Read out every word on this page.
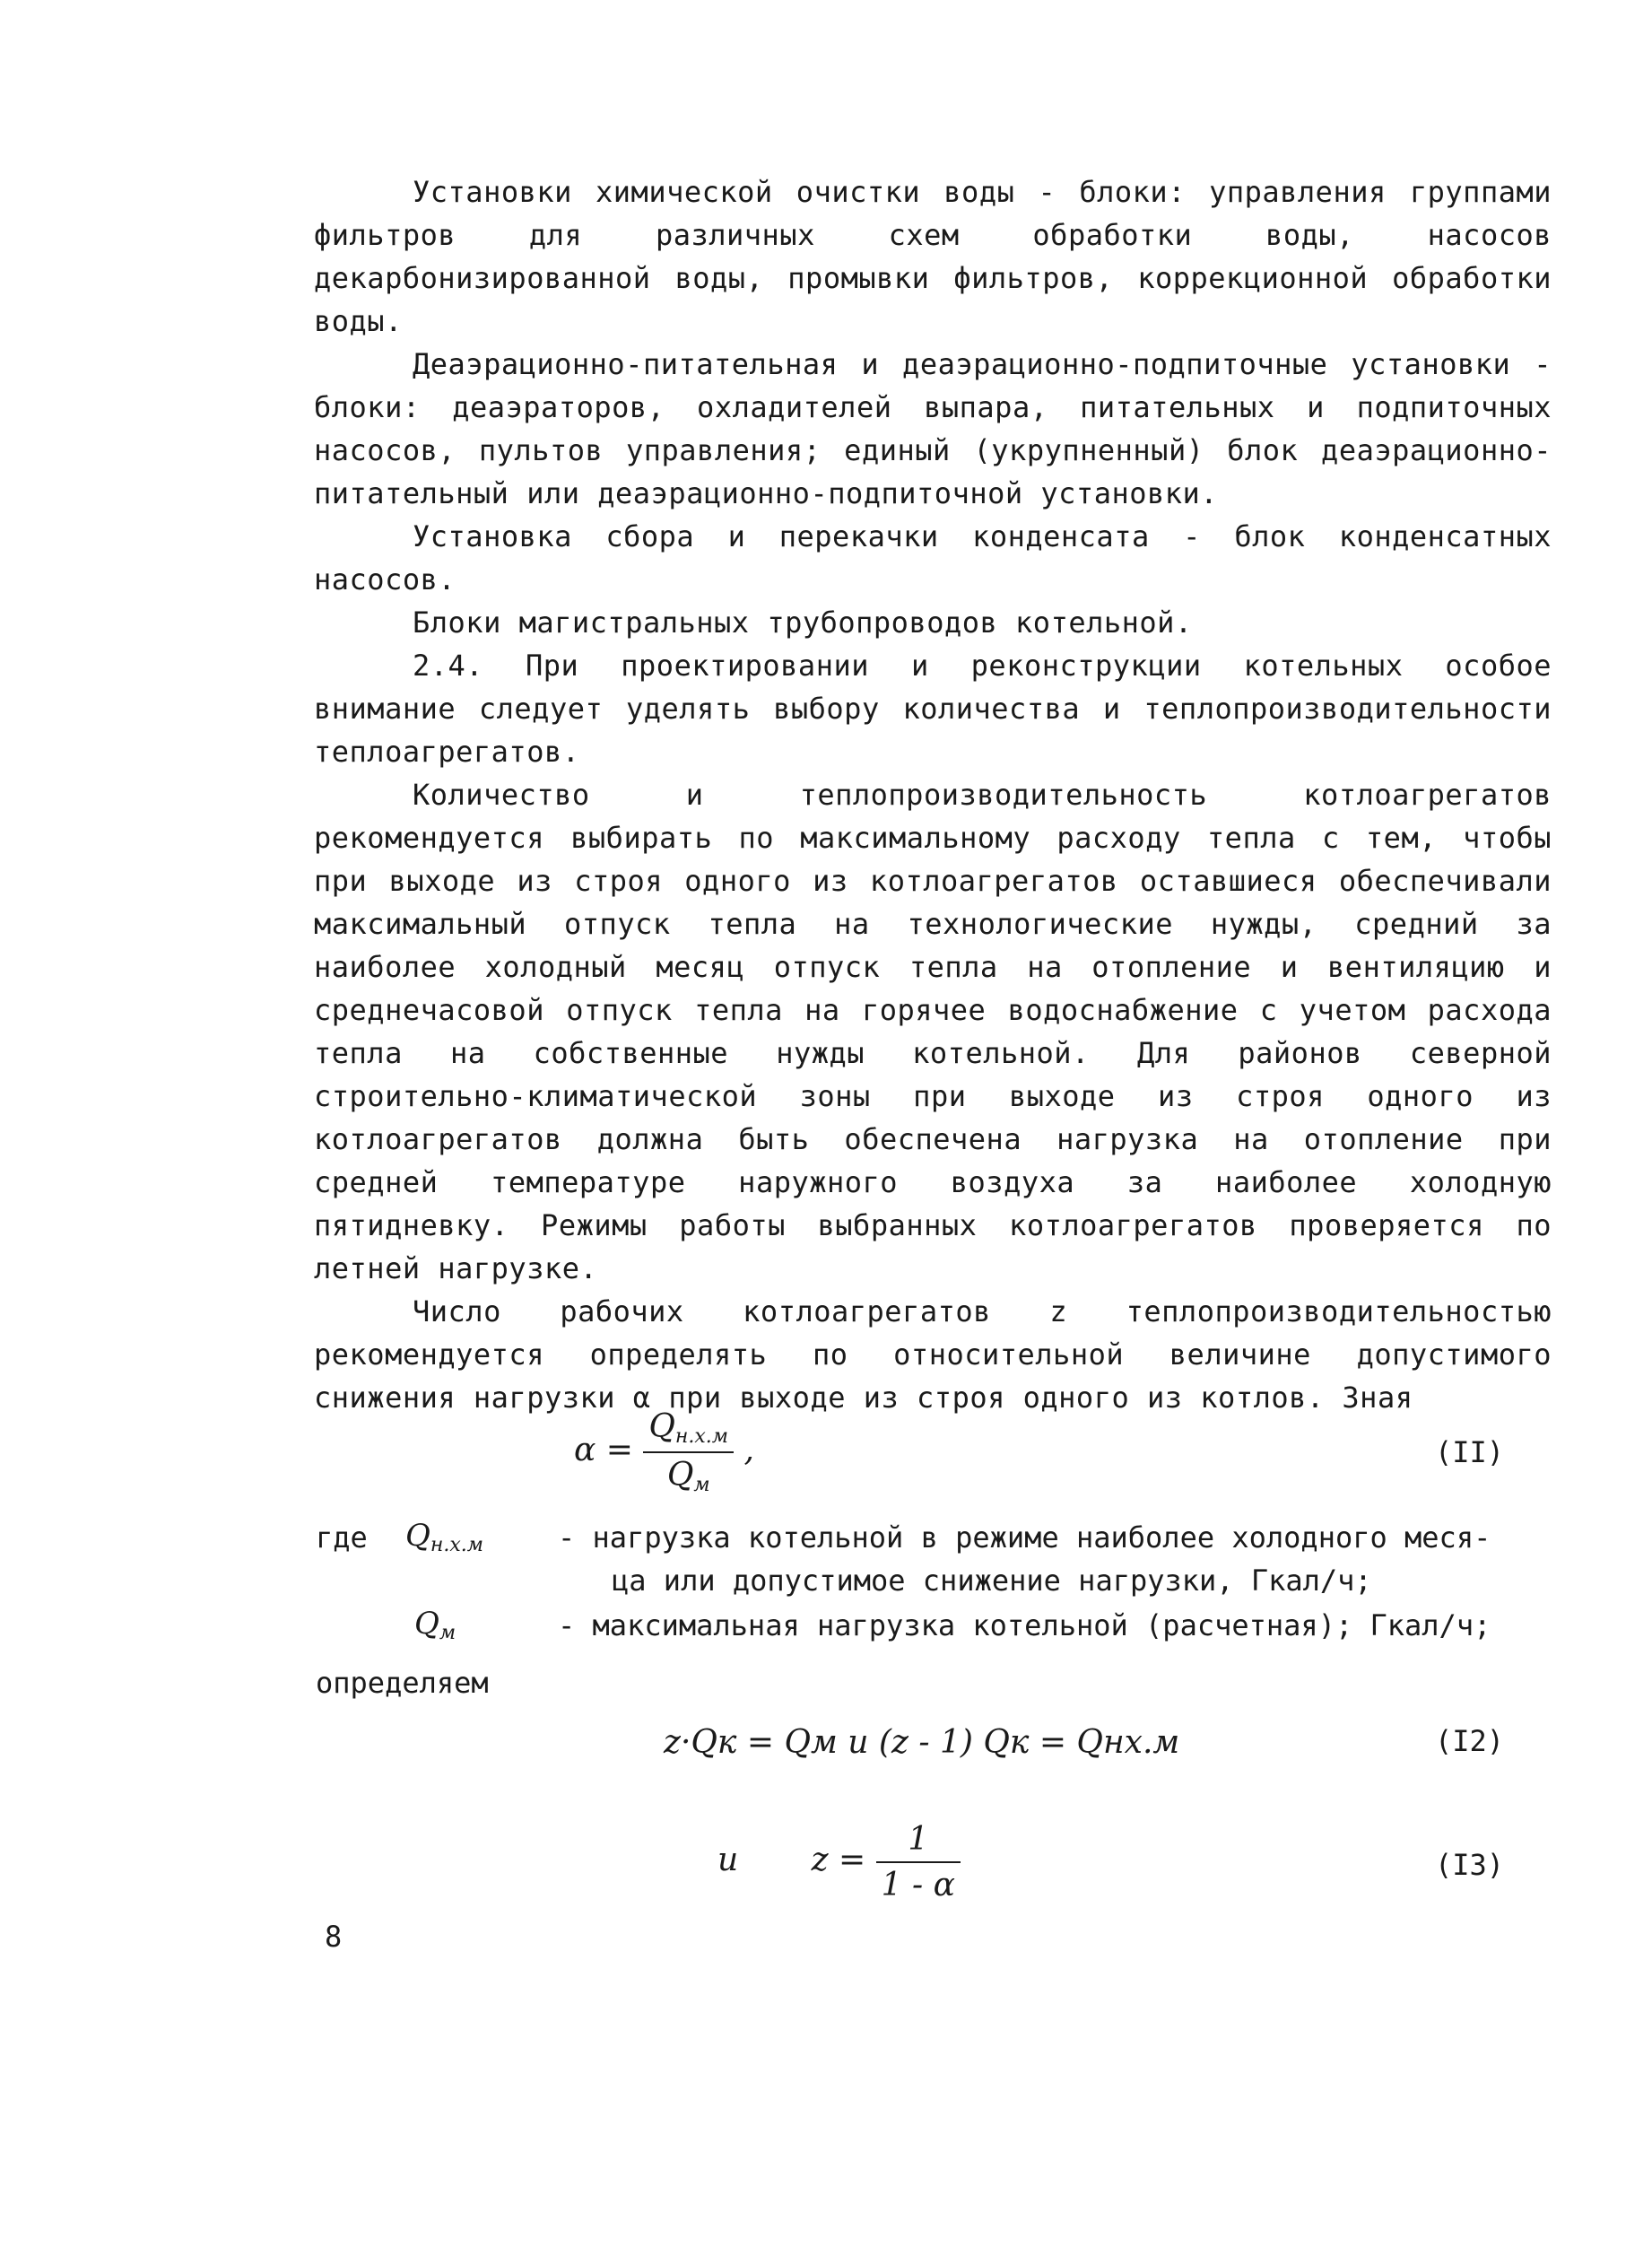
Установки химической очистки воды - блоки: управления группами фильтров для различных схем обработки воды, насосов декарбонизированной воды, промывки фильтров, коррекционной обработки воды.

Деаэрационно-питательная и деаэрационно-подпиточные установки - блоки: деаэраторов, охладителей выпара, питательных и подпиточных насосов, пультов управления; единый (укрупненный) блок деаэрационно-питательный или деаэрационно-подпиточной установки.

Установка сбора и перекачки конденсата - блок конденсатных насосов.

Блоки магистральных трубопроводов котельной.

2.4. При проектировании и реконструкции котельных особое внимание следует уделять выбору количества и теплопроизводительности теплоагрегатов.

Количество и теплопроизводительность котлоагрегатов рекомендуется выбирать по максимальному расходу тепла с тем, чтобы при выходе из строя одного из котлоагрегатов оставшиеся обеспечивали максимальный отпуск тепла на технологические нужды, средний за наиболее холодный месяц отпуск тепла на отопление и вентиляцию и среднечасовой отпуск тепла на горячее водоснабжение с учетом расхода тепла на собственные нужды котельной. Для районов северной строительно-климатической зоны при выходе из строя одного из котлоагрегатов должна быть обеспечена нагрузка на отопление при средней температуре наружного воздуха за наиболее холодную пятидневку. Режимы работы выбранных котлоагрегатов проверяется по летней нагрузке.

Число рабочих котлоагрегатов z теплопроизводительностью рекомендуется определять по относительной величине допустимого снижения нагрузки α при выходе из строя одного из котлов. Зная

$\alpha = \frac{Q_{н.х.м}}{Q_м}$ ,	(II)
где $Q_{н.х.м}$	- нагрузка котельной в режиме наиболее холодного меся-
ца или допустимое снижение нагрузки, Гкал/ч;
$Q_м$	- максимальная нагрузка котельной (расчетная); Гкал/ч;
определяем
z·Qк = Qм и (z - 1) Qк = Qнх.м	(I2)
и $z = \frac{1}{1 - \alpha}$	(I3)
8
